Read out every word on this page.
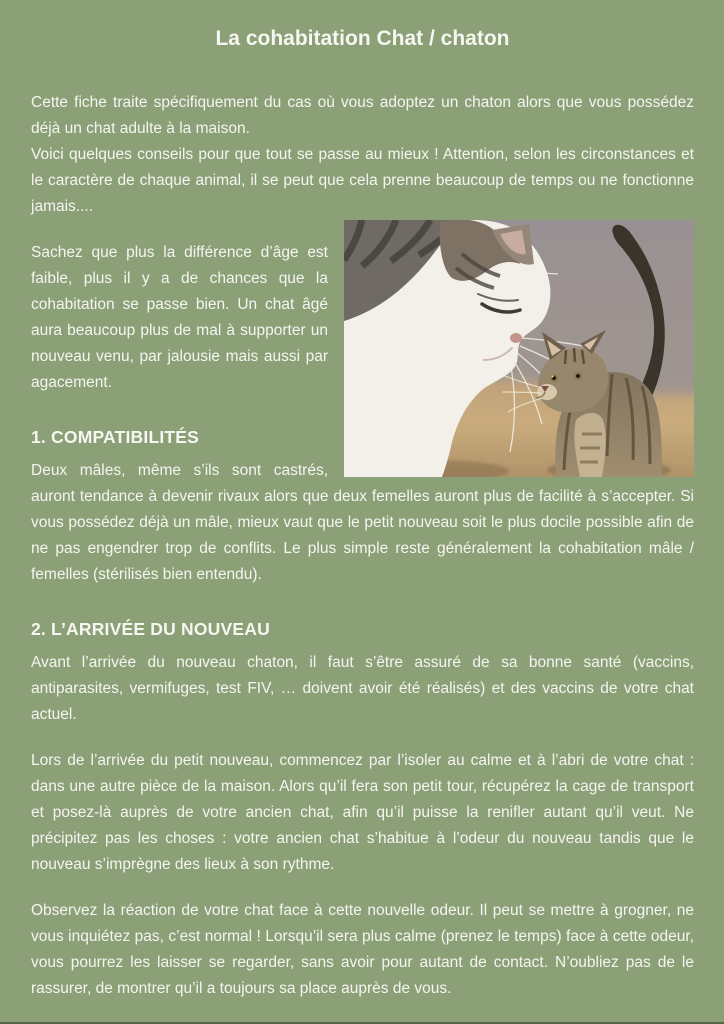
La cohabitation Chat / chaton

Cette fiche traite spécifiquement du cas où vous adoptez un chaton alors que vous possédez déjà un chat adulte à la maison.

Voici quelques conseils pour que tout se passe au mieux ! Attention, selon les circonstances et le caractère de chaque animal, il se peut que cela prenne beaucoup de temps ou ne fonctionne jamais....

Sachez que plus la différence d’âge est faible, plus il y a de chances que la cohabitation se passe bien. Un chat âgé aura beaucoup plus de mal à supporter un nouveau venu, par jalousie mais aussi par agacement.

1. COMPATIBILITÉS

Deux mâles, même s’ils sont castrés, auront tendance à devenir rivaux alors que deux femelles auront plus de facilité à s’accepter. Si vous possédez déjà un mâle, mieux vaut que le petit nouveau soit le plus docile possible afin de ne pas engendrer trop de conflits. Le plus simple reste généralement la cohabitation mâle / femelles (stérilisés bien entendu).

2. L’ARRIVÉE DU NOUVEAU

Avant l’arrivée du nouveau chaton, il faut s’être assuré de sa bonne santé (vaccins, antiparasites, vermifuges, test FIV, … doivent avoir été réalisés) et des vaccins de votre chat actuel.

Lors de l’arrivée du petit nouveau, commencez par l’isoler au calme et à l’abri de votre chat : dans une autre pièce de la maison. Alors qu’il fera son petit tour, récupérez la cage de transport et posez-là auprès de votre ancien chat, afin qu’il puisse la renifler autant qu’il veut. Ne précipitez pas les choses : votre ancien chat s’habitue à l’odeur du nouveau tandis que le nouveau s’imprègne des lieux à son rythme.

Observez la réaction de votre chat face à cette nouvelle odeur. Il peut se mettre à grogner, ne vous inquiétez pas, c’est normal ! Lorsqu’il sera plus calme (prenez le temps) face à cette odeur, vous pourrez les laisser se regarder, sans avoir pour autant de contact. N’oubliez pas de le rassurer, de montrer qu’il a toujours sa place auprès de vous.
